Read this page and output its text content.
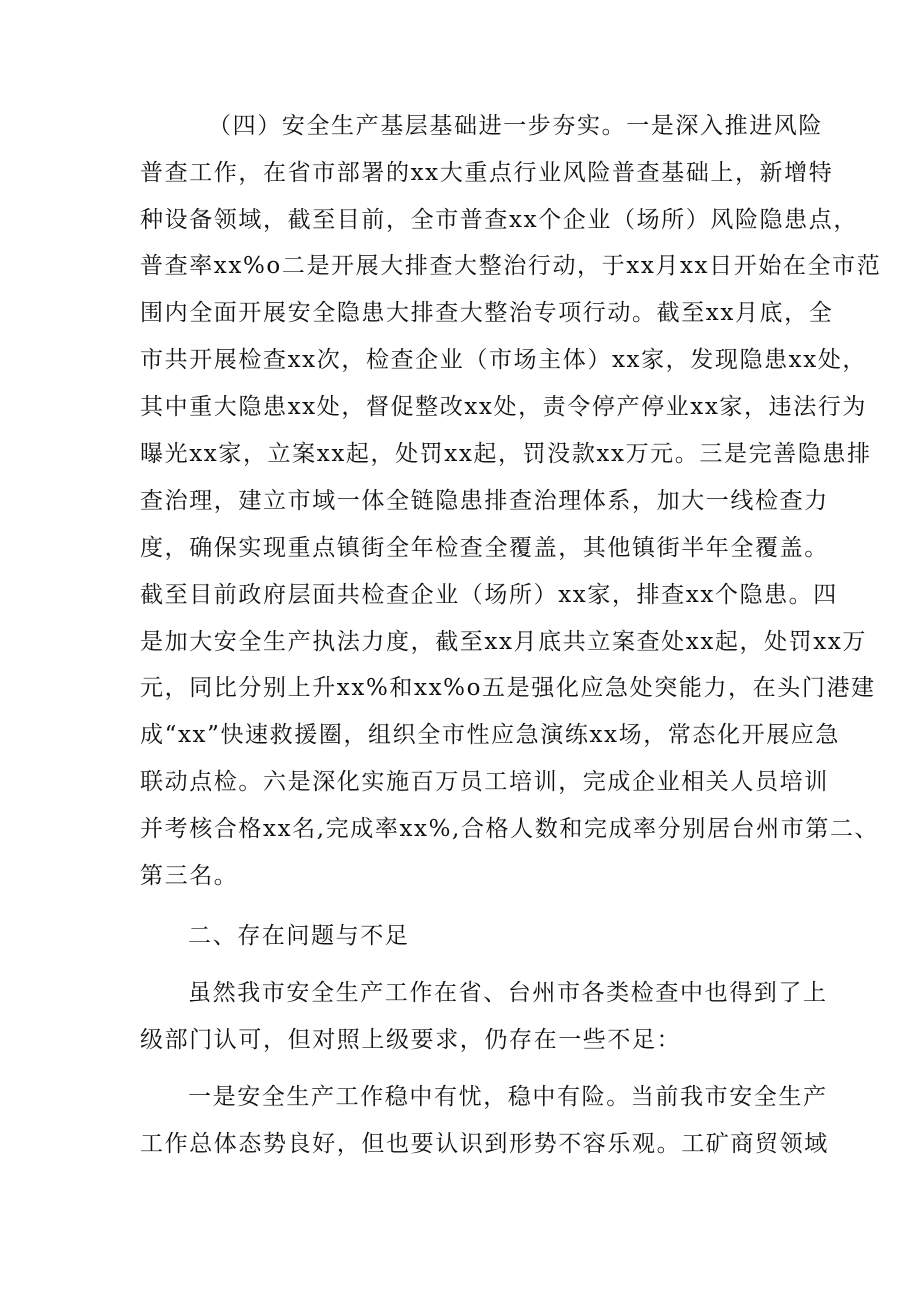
（四）安全生产基层基础进一步夯实。一是深入推进风险
普查工作，在省市部署的xx大重点行业风险普查基础上，新增特
种设备领域，截至目前，全市普查xx个企业（场所）风险隐患点，
普查率xx%o二是开展大排查大整治行动，于xx月xx日开始在全市范
围内全面开展安全隐患大排查大整治专项行动。截至xx月底，全
市共开展检查xx次，检查企业（市场主体）xx家，发现隐患xx处，
其中重大隐患xx处，督促整改xx处，责令停产停业xx家，违法行为
曝光xx家，立案xx起，处罚xx起，罚没款xx万元。三是完善隐患排
查治理，建立市域一体全链隐患排查治理体系，加大一线检查力
度，确保实现重点镇街全年检查全覆盖，其他镇街半年全覆盖。
截至目前政府层面共检查企业（场所）xx家，排查xx个隐患。四
是加大安全生产执法力度，截至xx月底共立案查处xx起，处罚xx万
元，同比分别上升xx%和xx%o五是强化应急处突能力，在头门港建
成“xx”快速救援圈，组织全市性应急演练xx场，常态化开展应急
联动点检。六是深化实施百万员工培训，完成企业相关人员培训
并考核合格xx名,完成率xx%,合格人数和完成率分别居台州市第二、
第三名。
二、存在问题与不足
虽然我市安全生产工作在省、台州市各类检查中也得到了上
级部门认可，但对照上级要求，仍存在一些不足：
一是安全生产工作稳中有忧，稳中有险。当前我市安全生产
工作总体态势良好，但也要认识到形势不容乐观。工矿商贸领域
